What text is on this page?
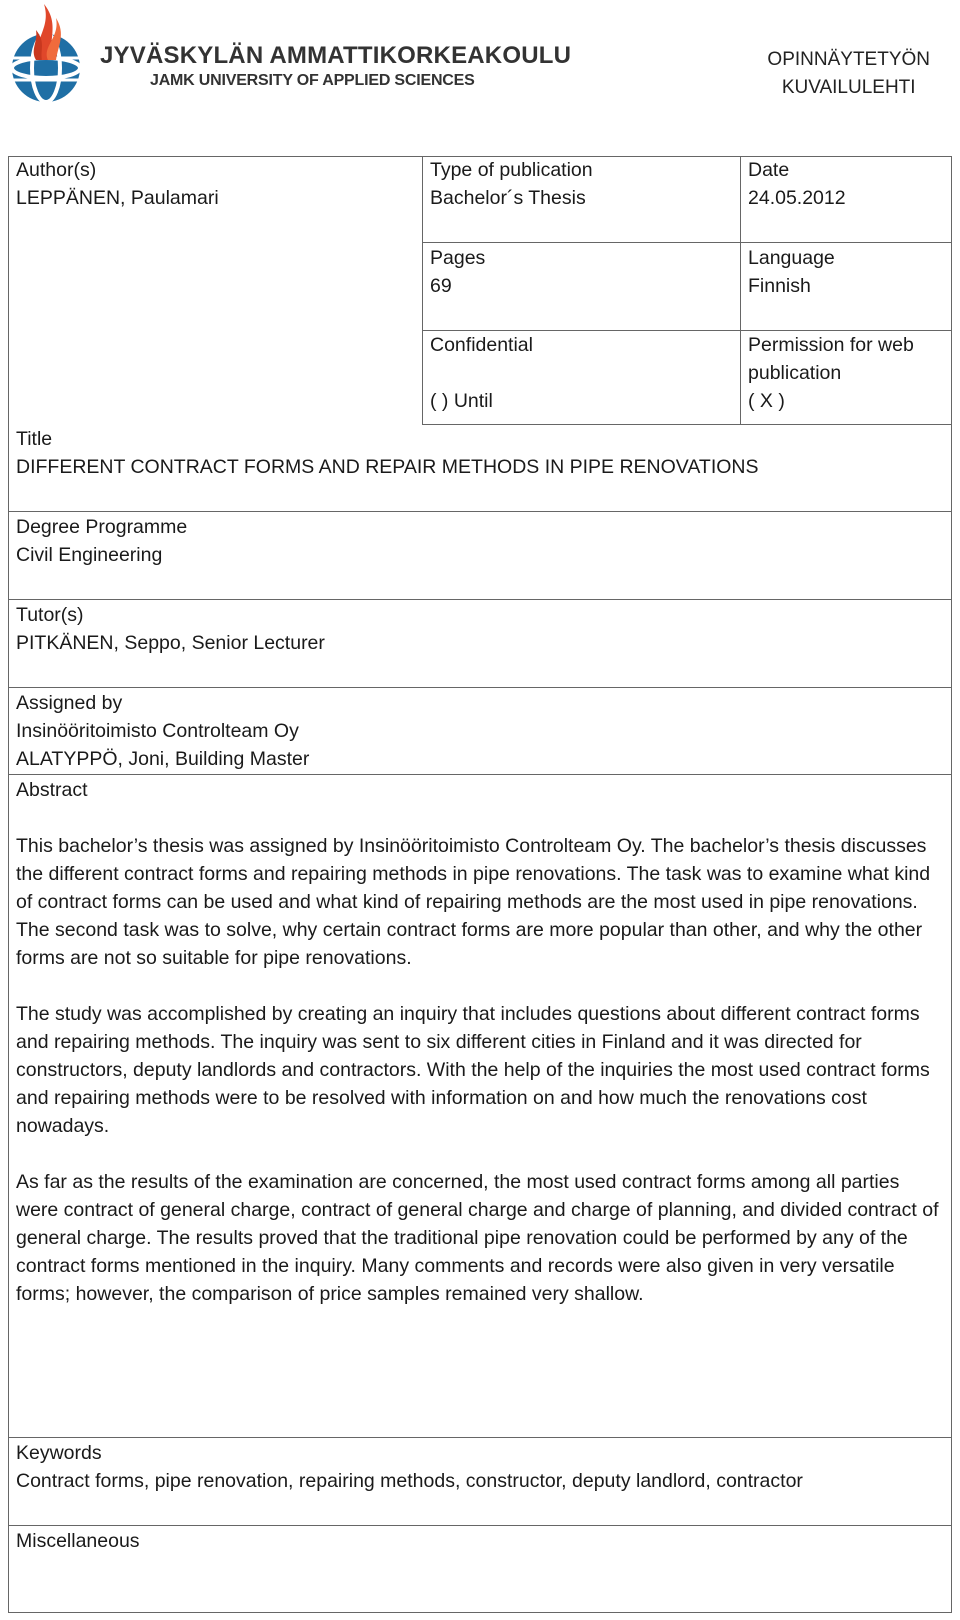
JYVÄSKYLÄN AMMATTIKORKEAKOULU
JAMK UNIVERSITY OF APPLIED SCIENCES
OPINNÄYTETYÖN
KUVAILULEHTI
Author(s)
LEPPÄNEN, Paulamari
Type of publication
Bachelor´s Thesis
Date
24.05.2012
Pages
69
Language
Finnish
Confidential
( ) Until
Permission for web publication
( X )
Title
DIFFERENT CONTRACT FORMS AND REPAIR METHODS IN PIPE RENOVATIONS
Degree Programme
Civil Engineering
Tutor(s)
PITKÄNEN, Seppo, Senior Lecturer
Assigned by
Insinööritoimisto Controlteam Oy
ALATYPPÖ, Joni, Building Master
Abstract

This bachelor’s thesis was assigned by Insinööritoimisto Controlteam Oy. The bachelor’s thesis discusses the different contract forms and repairing methods in pipe renovations. The task was to examine what kind of contract forms can be used and what kind of repairing methods are the most used in pipe renovations. The second task was to solve, why certain contract forms are more popular than other, and why the other forms are not so suitable for pipe renovations.

The study was accomplished by creating an inquiry that includes questions about different contract forms and repairing methods. The inquiry was sent to six different cities in Finland and it was directed for constructors, deputy landlords and contractors. With the help of the inquiries the most used contract forms and repairing methods were to be resolved with information on and how much the renovations cost nowadays.

As far as the results of the examination are concerned, the most used contract forms among all parties were contract of general charge, contract of general charge and charge of planning, and divided contract of general charge. The results proved that the traditional pipe renovation could be performed by any of the contract forms mentioned in the inquiry. Many comments and records were also given in very versatile forms; however, the comparison of price samples remained very shallow.

Keywords
Contract forms, pipe renovation, repairing methods, constructor, deputy landlord, contractor
Miscellaneous
